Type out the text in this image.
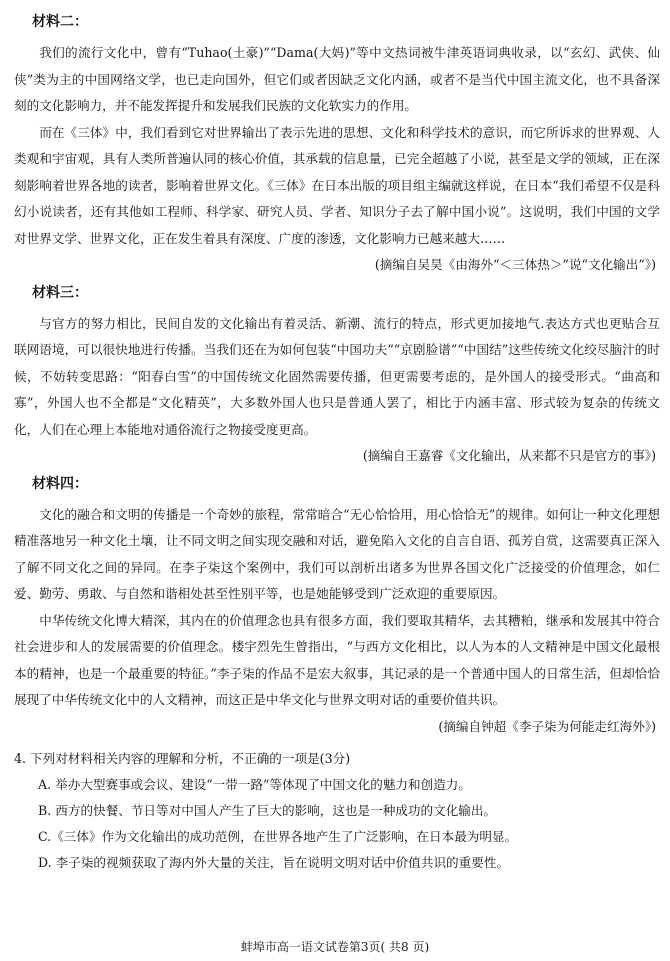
材料二：

我们的流行文化中，曾有“Tuhao(土豪)”“Dama(大妈)”等中文热词被牛津英语词典收录，以“玄幻、武侠、仙侠”类为主的中国网络文学，也已走向国外，但它们或者因缺乏文化内涵，或者不是当代中国主流文化，也不具备深刻的文化影响力，并不能发挥提升和发展我们民族的文化软实力的作用。

而在《三体》中，我们看到它对世界输出了表示先进的思想、文化和科学技术的意识，而它所诉求的世界观、人类观和宇宙观，具有人类所普遍认同的核心价值，其承载的信息量，已完全超越了小说，甚至是文学的领域，正在深刻影响着世界各地的读者，影响着世界文化。《三体》在日本出版的项目组主编就这样说，在日本“我们希望不仅是科幻小说读者，还有其他如工程师、科学家、研究人员、学者、知识分子去了解中国小说”。这说明，我们中国的文学对世界文学、世界文化，正在发生着具有深度、广度的渗透，文化影响力已越来越大……

(摘编自吴昊《由海外“＜三体热＞”说“文化输出”》)

材料三：

与官方的努力相比，民间自发的文化输出有着灵活、新潮、流行的特点，形式更加接地气.表达方式也更贴合互联网语境，可以很快地进行传播。当我们还在为如何包装“中国功夫”“京剧脸谱”“中国结”这些传统文化绞尽脑汁的时候，不妨转变思路：“阳春白雪”的中国传统文化固然需要传播，但更需要考虑的，是外国人的接受形式。“曲高和寡”，外国人也不全都是“文化精英”，大多数外国人也只是普通人罢了，相比于内涵丰富、形式较为复杂的传统文化，人们在心理上本能地对通俗流行之物接受度更高。

(摘编自王嘉睿《文化输出，从来都不只是官方的事》)

材料四：

文化的融合和文明的传播是一个奇妙的旅程，常常暗合“无心恰恰用，用心恰恰无”的规律。如何让一种文化理想精准落地另一种文化土壤，让不同文明之间实现交融和对话，避免陷入文化的自言自语、孤芳自赏，这需要真正深入了解不同文化之间的异同。在李子柒这个案例中，我们可以剖析出诸多为世界各国文化广泛接受的价值理念，如仁爱、勤劳、勇敢、与自然和谐相处甚至性别平等，也是她能够受到广泛欢迎的重要原因。

中华传统文化博大精深，其内在的价值理念也具有很多方面，我们要取其精华，去其糟粕，继承和发展其中符合社会进步和人的发展需要的价值理念。楼宇烈先生曾指出，“与西方文化相比，以人为本的人文精神是中国文化最根本的精神，也是一个最重要的特征。”李子柒的作品不是宏大叙事，其记录的是一个普通中国人的日常生活，但却恰恰展现了中华传统文化中的人文精神，而这正是中华文化与世界文明对话的重要价值共识。

(摘编自钟超《李子柒为何能走红海外》)

4. 下列对材料相关内容的理解和分析，不正确的一项是(3分)

A. 举办大型赛事或会议、建设“一带一路”等体现了中国文化的魅力和创造力。

B. 西方的快餐、节日等对中国人产生了巨大的影响，这也是一种成功的文化输出。

C.《三体》作为文化输出的成功范例，在世界各地产生了广泛影响，在日本最为明显。

D. 李子柒的视频获取了海内外大量的关注，旨在说明文明对话中价值共识的重要性。

蚌埠市高一语文试卷第3页( 共8 页)
